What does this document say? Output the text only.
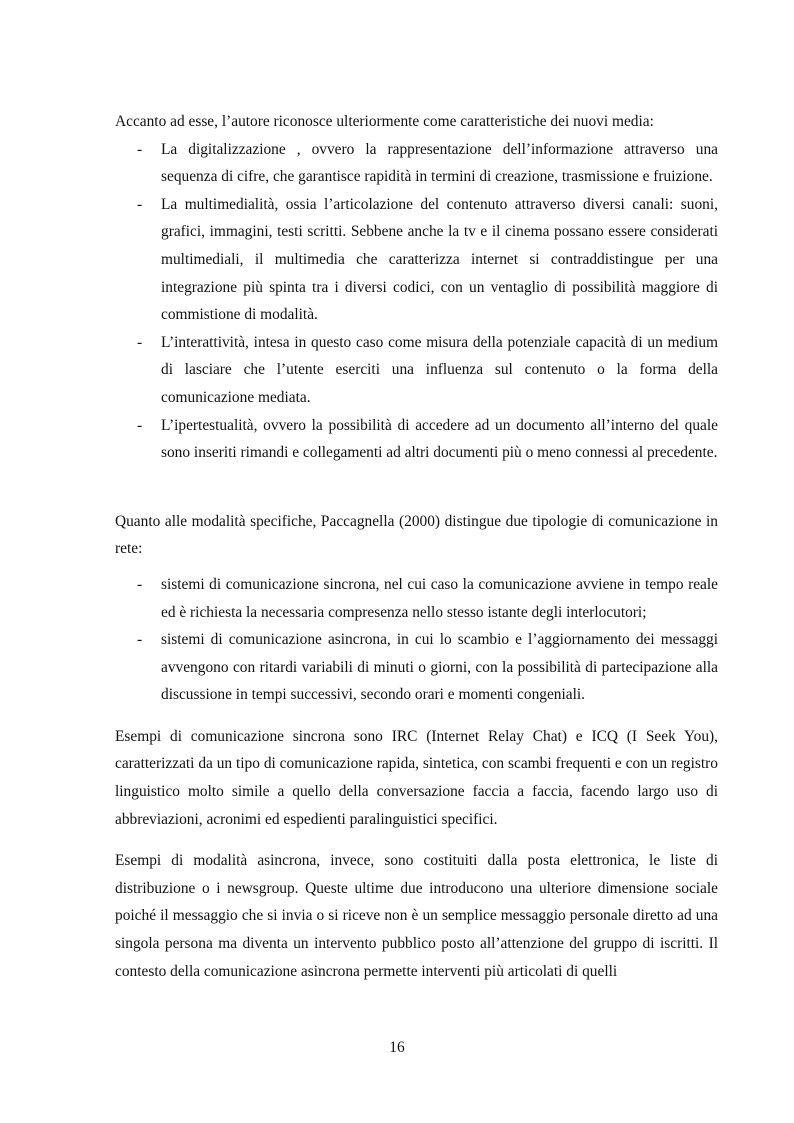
Accanto ad esse, l’autore riconosce ulteriormente come caratteristiche dei nuovi media:

- La digitalizzazione , ovvero la rappresentazione dell’informazione attraverso una sequenza di cifre, che garantisce rapidità in termini di creazione, trasmissione e fruizione.
- La multimedialità, ossia l’articolazione del contenuto attraverso diversi canali: suoni, grafici, immagini, testi scritti. Sebbene anche la tv e il cinema possano essere considerati multimediali, il multimedia che caratterizza internet si contraddistingue per una integrazione più spinta tra i diversi codici, con un ventaglio di possibilità maggiore di commistione di modalità.
- L’interattività, intesa in questo caso come misura della potenziale capacità di un medium di lasciare che l’utente eserciti una influenza sul contenuto o la forma della comunicazione mediata.
- L’ipertestualità, ovvero la possibilità di accedere ad un documento all’interno del quale sono inseriti rimandi e collegamenti ad altri documenti più o meno connessi al precedente.

Quanto alle modalità specifiche, Paccagnella (2000) distingue due tipologie di comunicazione in rete:

- sistemi di comunicazione sincrona, nel cui caso la comunicazione avviene in tempo reale ed è richiesta la necessaria compresenza nello stesso istante degli interlocutori;
- sistemi di comunicazione asincrona, in cui lo scambio e l’aggiornamento dei messaggi avvengono con ritardi variabili di minuti o giorni, con la possibilità di partecipazione alla discussione in tempi successivi, secondo orari e momenti congeniali.

Esempi di comunicazione sincrona sono IRC (Internet Relay Chat) e ICQ (I Seek You), caratterizzati da un tipo di comunicazione rapida, sintetica, con scambi frequenti e con un registro linguistico molto simile a quello della conversazione faccia a faccia, facendo largo uso di abbreviazioni, acronimi ed espedienti paralinguistici specifici.

Esempi di modalità asincrona, invece, sono costituiti dalla posta elettronica, le liste di distribuzione o i newsgroup. Queste ultime due introducono una ulteriore dimensione sociale poiché il messaggio che si invia o si riceve non è un semplice messaggio personale diretto ad una singola persona ma diventa un intervento pubblico posto all’attenzione del gruppo di iscritti. Il contesto della comunicazione asincrona permette interventi più articolati di quelli

16
